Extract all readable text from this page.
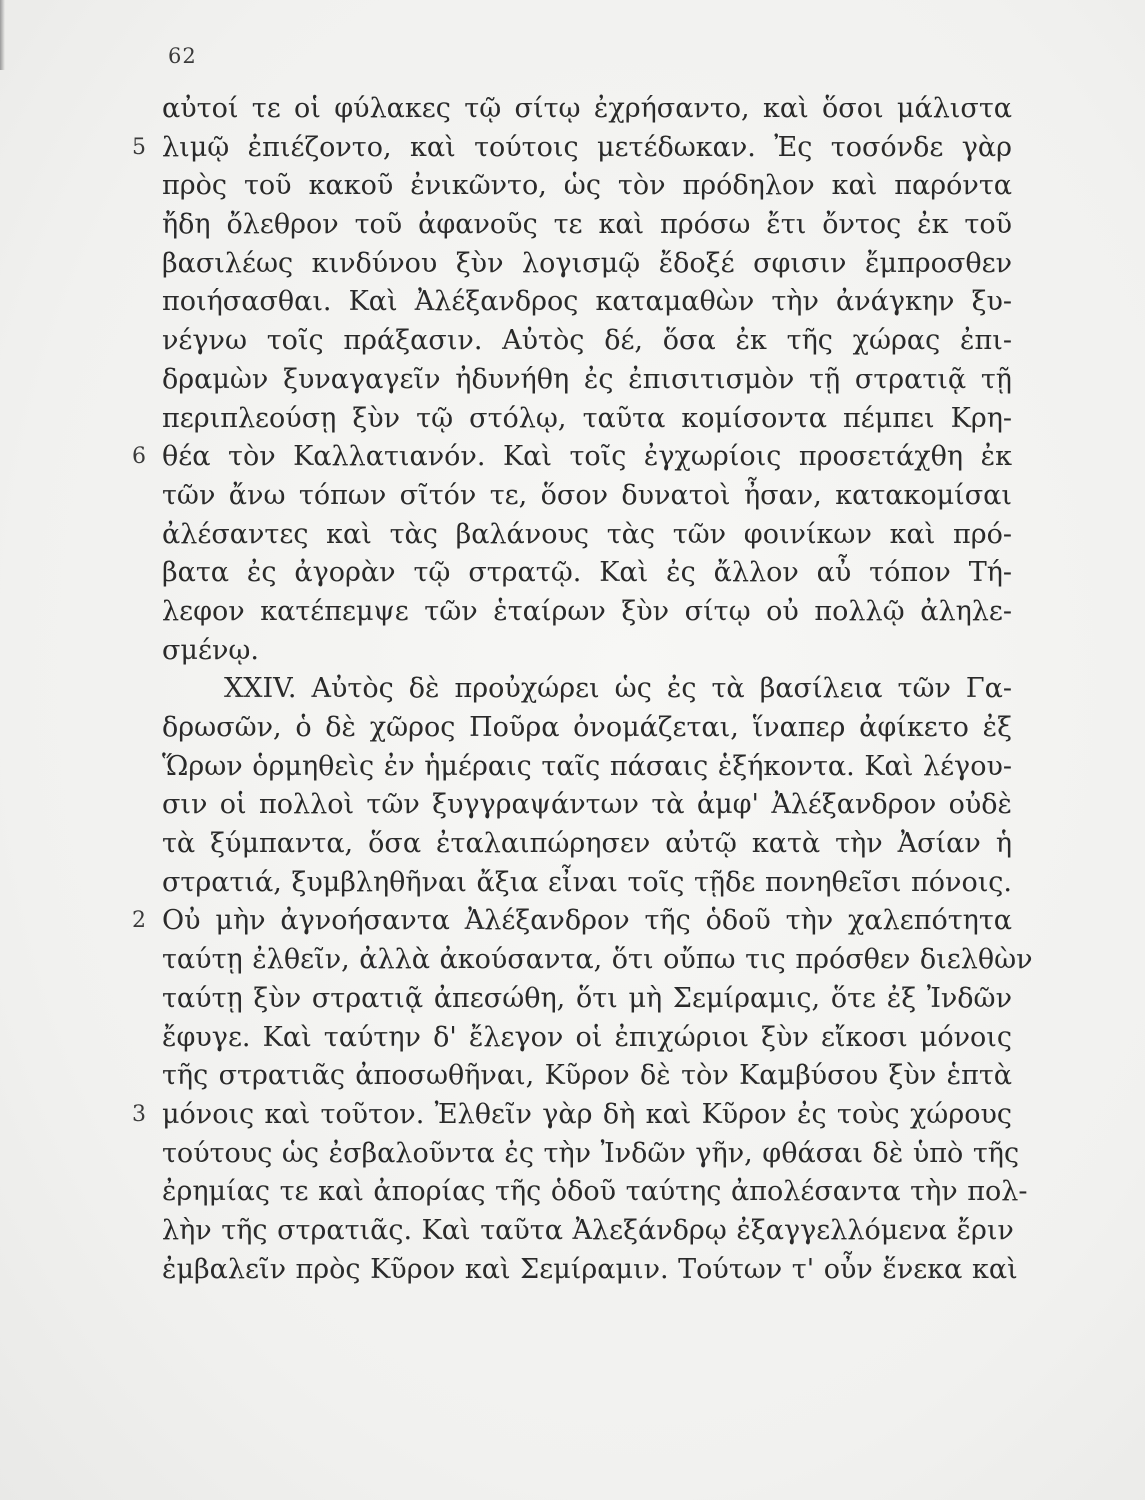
62
αὐτοί τε οἱ φύλακες τῷ σίτῳ ἐχρήσαντο, καὶ ὅσοι μάλιστα
λιμῷ ἐπιέζοντο, καὶ τούτοις μετέδωκαν. Ἐς τοσόνδε γὰρ
5
πρὸς τοῦ κακοῦ ἐνικῶντο, ὡς τὸν πρόδηλον καὶ παρόντα
ἤδη ὄλεθρον τοῦ ἀφανοῦς τε καὶ πρόσω ἔτι ὄντος ἐκ τοῦ
βασιλέως κινδύνου ξὺν λογισμῷ ἔδοξέ σφισιν ἔμπροσθεν
ποιήσασθαι. Καὶ Ἀλέξανδρος καταμαθὼν τὴν ἀνάγκην ξυ-
νέγνω τοῖς πράξασιν. Αὐτὸς δέ, ὅσα ἐκ τῆς χώρας ἐπι-
δραμὼν ξυναγαγεῖν ἠδυνήθη ἐς ἐπισιτισμὸν τῇ στρατιᾷ τῇ
περιπλεούσῃ ξὺν τῷ στόλῳ, ταῦτα κομίσοντα πέμπει Κρη-
θέα τὸν Καλλατιανόν. Καὶ τοῖς ἐγχωρίοις προσετάχθη ἐκ
6
τῶν ἄνω τόπων σῖτόν τε, ὅσον δυνατοὶ ἦσαν, κατακομίσαι
ἀλέσαντες καὶ τὰς βαλάνους τὰς τῶν φοινίκων καὶ πρό-
βατα ἐς ἀγορὰν τῷ στρατῷ. Καὶ ἐς ἄλλον αὖ τόπον Τή-
λεφον κατέπεμψε τῶν ἑταίρων ξὺν σίτῳ οὐ πολλῷ ἀληλε-
σμένῳ.
XXIV. Αὐτὸς δὲ προὐχώρει ὡς ἐς τὰ βασίλεια τῶν Γα-
δρωσῶν, ὁ δὲ χῶρος Ποῦρα ὀνομάζεται, ἵναπερ ἀφίκετο ἐξ
Ὥρων ὁρμηθεὶς ἐν ἡμέραις ταῖς πάσαις ἑξήκοντα. Καὶ λέγου-
σιν οἱ πολλοὶ τῶν ξυγγραψάντων τὰ ἀμφ' Ἀλέξανδρον οὐδὲ
τὰ ξύμπαντα, ὅσα ἐταλαιπώρησεν αὐτῷ κατὰ τὴν Ἀσίαν ἡ
στρατιά, ξυμβληθῆναι ἄξια εἶναι τοῖς τῇδε πονηθεῖσι πόνοις.
Οὐ μὴν ἀγνοήσαντα Ἀλέξανδρον τῆς ὁδοῦ τὴν χαλεπότητα
2
ταύτῃ ἐλθεῖν, ἀλλὰ ἀκούσαντα, ὅτι οὔπω τις πρόσθεν διελθὼν
ταύτῃ ξὺν στρατιᾷ ἀπεσώθη, ὅτι μὴ Σεμίραμις, ὅτε ἐξ Ἰνδῶν
ἔφυγε. Καὶ ταύτην δ' ἔλεγον οἱ ἐπιχώριοι ξὺν εἴκοσι μόνοις
τῆς στρατιᾶς ἀποσωθῆναι, Κῦρον δὲ τὸν Καμβύσου ξὺν ἑπτὰ
μόνοις καὶ τοῦτον. Ἐλθεῖν γὰρ δὴ καὶ Κῦρον ἐς τοὺς χώρους
3
τούτους ὡς ἐσβαλοῦντα ἐς τὴν Ἰνδῶν γῆν, φθάσαι δὲ ὑπὸ τῆς
ἐρημίας τε καὶ ἀπορίας τῆς ὁδοῦ ταύτης ἀπολέσαντα τὴν πολ-
λὴν τῆς στρατιᾶς. Καὶ ταῦτα Ἀλεξάνδρῳ ἐξαγγελλόμενα ἔριν
ἐμβαλεῖν πρὸς Κῦρον καὶ Σεμίραμιν. Τούτων τ' οὖν ἕνεκα καὶ
